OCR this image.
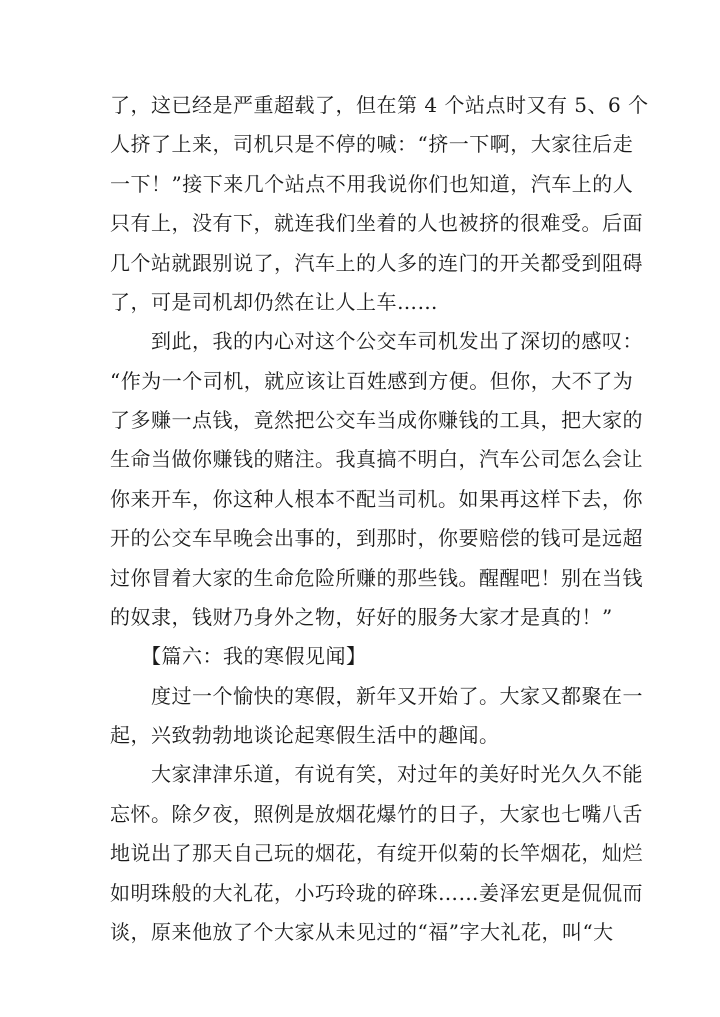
了，这已经是严重超载了，但在第 4 个站点时又有 5、6 个
人挤了上来，司机只是不停的喊：“挤一下啊，大家往后走
一下！”接下来几个站点不用我说你们也知道，汽车上的人
只有上，没有下，就连我们坐着的人也被挤的很难受。后面
几个站就跟别说了，汽车上的人多的连门的开关都受到阻碍
了，可是司机却仍然在让人上车……
　　到此，我的内心对这个公交车司机发出了深切的感叹：
“作为一个司机，就应该让百姓感到方便。但你，大不了为
了多赚一点钱，竟然把公交车当成你赚钱的工具，把大家的
生命当做你赚钱的赌注。我真搞不明白，汽车公司怎么会让
你来开车，你这种人根本不配当司机。如果再这样下去，你
开的公交车早晚会出事的，到那时，你要赔偿的钱可是远超
过你冒着大家的生命危险所赚的那些钱。醒醒吧！别在当钱
的奴隶，钱财乃身外之物，好好的服务大家才是真的！”
　　【篇六：我的寒假见闻】
　　度过一个愉快的寒假，新年又开始了。大家又都聚在一
起，兴致勃勃地谈论起寒假生活中的趣闻。
　　大家津津乐道，有说有笑，对过年的美好时光久久不能
忘怀。除夕夜，照例是放烟花爆竹的日子，大家也七嘴八舌
地说出了那天自己玩的烟花，有绽开似菊的长竿烟花，灿烂
如明珠般的大礼花，小巧玲珑的碎珠……姜泽宏更是侃侃而
谈，原来他放了个大家从未见过的“福”字大礼花，叫“大
